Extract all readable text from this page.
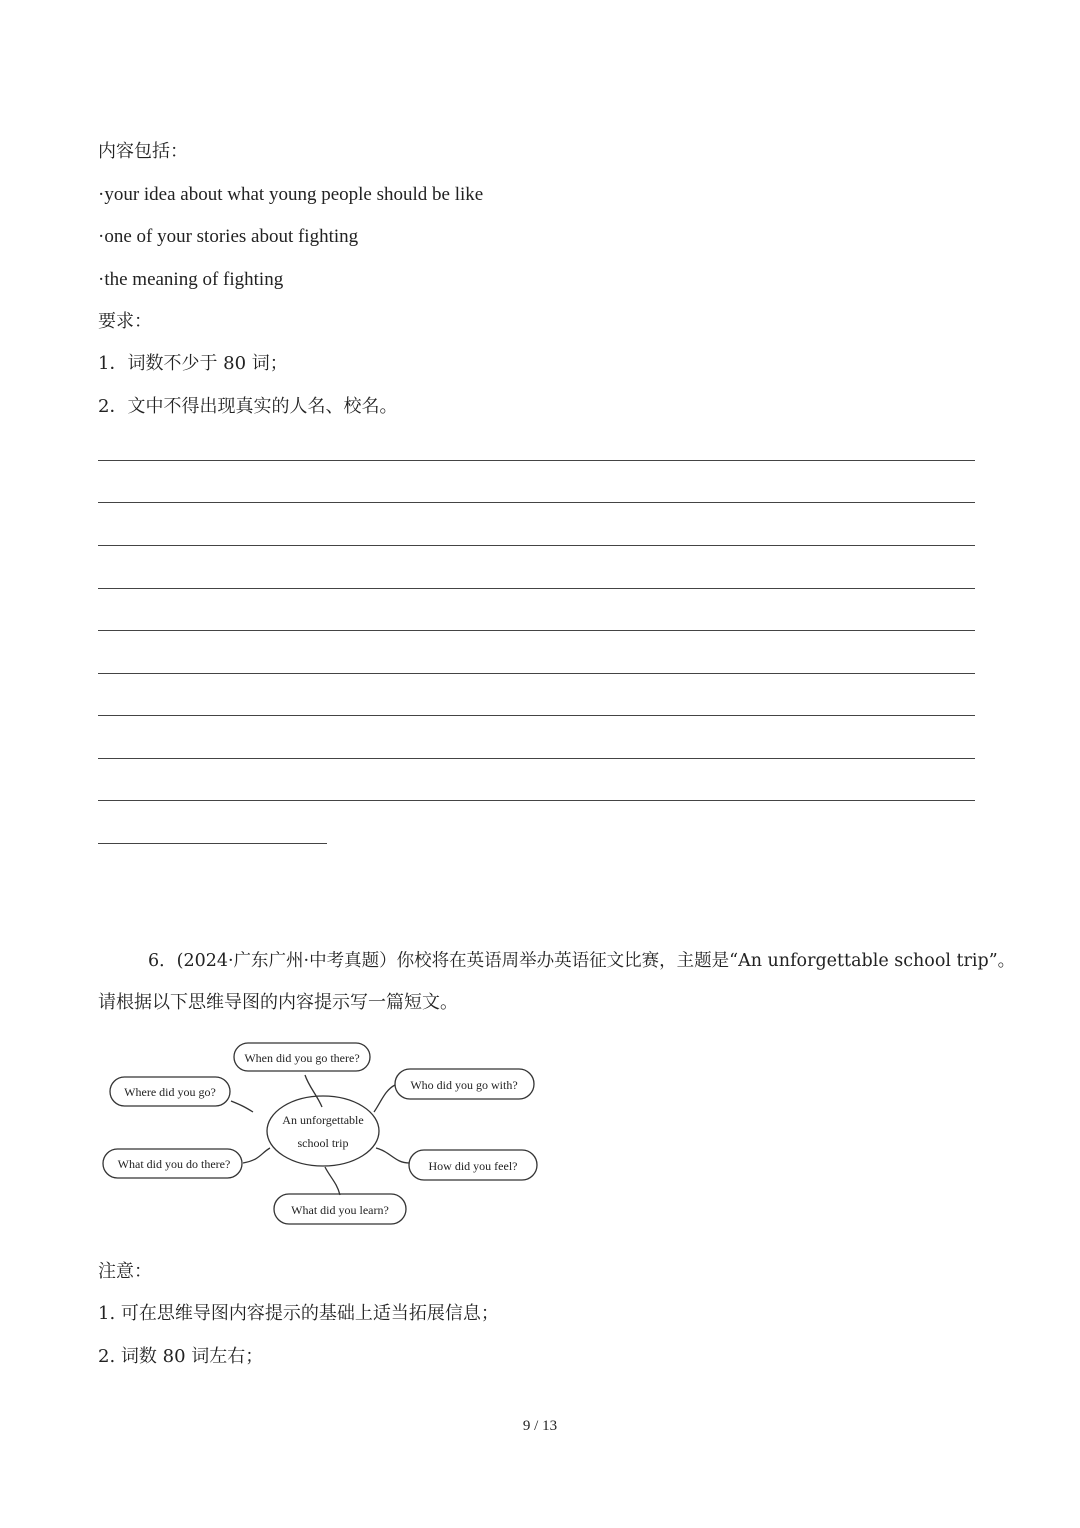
内容包括：
·your idea about what young people should be like
·one of your stories about fighting
·the meaning of fighting
要求：
1．词数不少于 80 词；
2．文中不得出现真实的人名、校名。
6．(2024·广东广州·中考真题）你校将在英语周举办英语征文比赛，主题是“An unforgettable school trip”。
请根据以下思维导图的内容提示写一篇短文。
An unforgettable
school trip
When did you go there?
Where did you go?	Who did you go with?
What did you do there?	How did you feel?
What did you learn?
注意：
1. 可在思维导图内容提示的基础上适当拓展信息；
2. 词数 80 词左右；
9 / 13
